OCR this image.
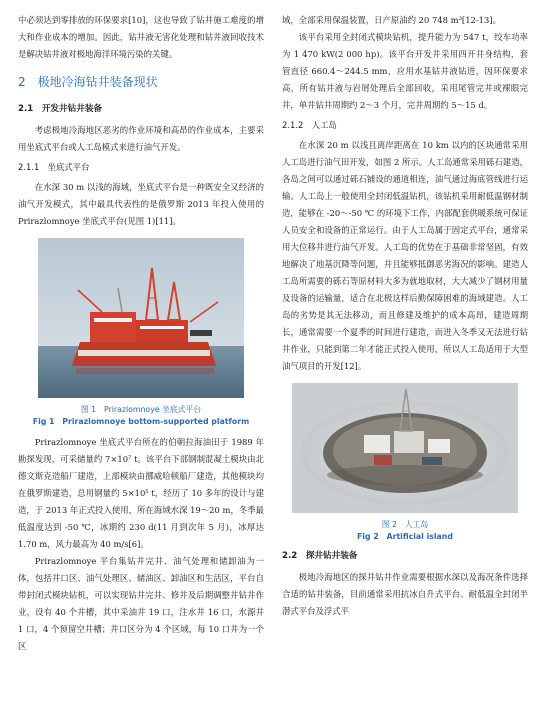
中必须达到零排放的环保要求[10]，这也导致了钻井施工难度的增大和作业成本的增加。因此，钻井液无害化处理和钻井液回收技术是解决钻井液对极地海洋环境污染的关键。

2　极地冷海钻井装备现状
2.1　开发井钻井装备

考虑极地冷海地区恶劣的作业环境和高昂的作业成本，主要采用坐底式平台或人工岛模式来进行油气开发。

2.1.1　坐底式平台

在水深 30 m 以浅的海域，坐底式平台是一种既安全又经济的油气开发模式，其中最具代表性的是俄罗斯 2013 年投入使用的 Prirazlomnoye 坐底式平台(见图 1)[11]。

图 1　Prirazlomnoye 坐底式平台
Fig 1　Prirazlomnoye bottom-supported platform

Prirazlomnoye 坐底式平台所在的伯朝拉海油田于 1989 年勘探发现，可采储量约 7×10⁷ t。该平台下部钢制混凝土模块由北德文斯克造船厂建造，上部模块由挪威哈顿船厂建造，其他模块均在俄罗斯建造，总用钢量约 5×10⁵ t，经历了 10 多年的设计与建造，于 2013 年正式投入使用，所在海域水深 19～20 m，冬季最低温度达到 -50 ℃，冰期约 230 d(11 月到次年 5 月)，冰厚达 1.70 m，风力最高为 40 m/s[6]。

Prirazlomnoye 平台集钻井完井、油气处理和储卸油为一体，包括井口区、油气处理区、储油区、卸油区和生活区，平台自带封闭式模块钻机，可以实现钻井完井、修井及后期调整井钻井作业，设有 40 个井槽，其中采油井 19 口，注水井 16 口，水源井 1 口，4 个预留空井槽；井口区分为 4 个区域，每 10 口井为一个区

域，全部采用保温装置，日产原油约 20 748 m³[12-13]。

该平台采用全封闭式模块钻机，提升能力为 547 t，绞车功率为 1 470 kW(2 000 hp)。该平台开发井采用四开井身结构，套管直径 660.4～244.5 mm，应用水基钻井液钻进，因环保要求高，所有钻井液与岩屑处理后全部回收，采用尾管完井或裸眼完井，单井钻井周期约 2～3 个月，完井周期约 5～15 d。

2.1.2　人工岛

在水深 20 m 以浅且离岸距离在 10 km 以内的区块通常采用人工岛进行油气田开发，如图 2 所示。人工岛通常采用砾石建造，各岛之间可以通过砾石铺设的通道相连，油气通过海底管线进行运输。人工岛上一般使用全封闭低温钻机，该钻机采用耐低温钢材制造，能够在 -20～-50 ℃ 的环境下工作，内部配套供暖系统可保证人员安全和设备的正常运行。由于人工岛属于固定式平台，通常采用大位移井进行油气开发。人工岛的优势在于基础非常坚固，有效地解决了地基沉降等问题，并且能够抵御恶劣海况的影响。建造人工岛所需要的砾石等原材料大多为就地取材，大大减少了钢材用量及设备的运输量，适合在北极这样后勤保障困难的海域建造。人工岛的劣势是其无法移动，而且修建及维护的成本高昂，建造周期长，通常需要一个夏季的时间进行建造，而进入冬季又无法进行钻井作业，只能到第二年才能正式投入使用，所以人工岛适用于大型油气项目的开发[12]。

图 2　人工岛
Fig 2　Artificial island
2.2　探井钻井装备

极地冷海地区的探井钻井作业需要根据水深以及海况条件选择合适的钻井装备，目前通常采用抗冰自升式平台、耐低温全封闭半潜式平台及浮式平
